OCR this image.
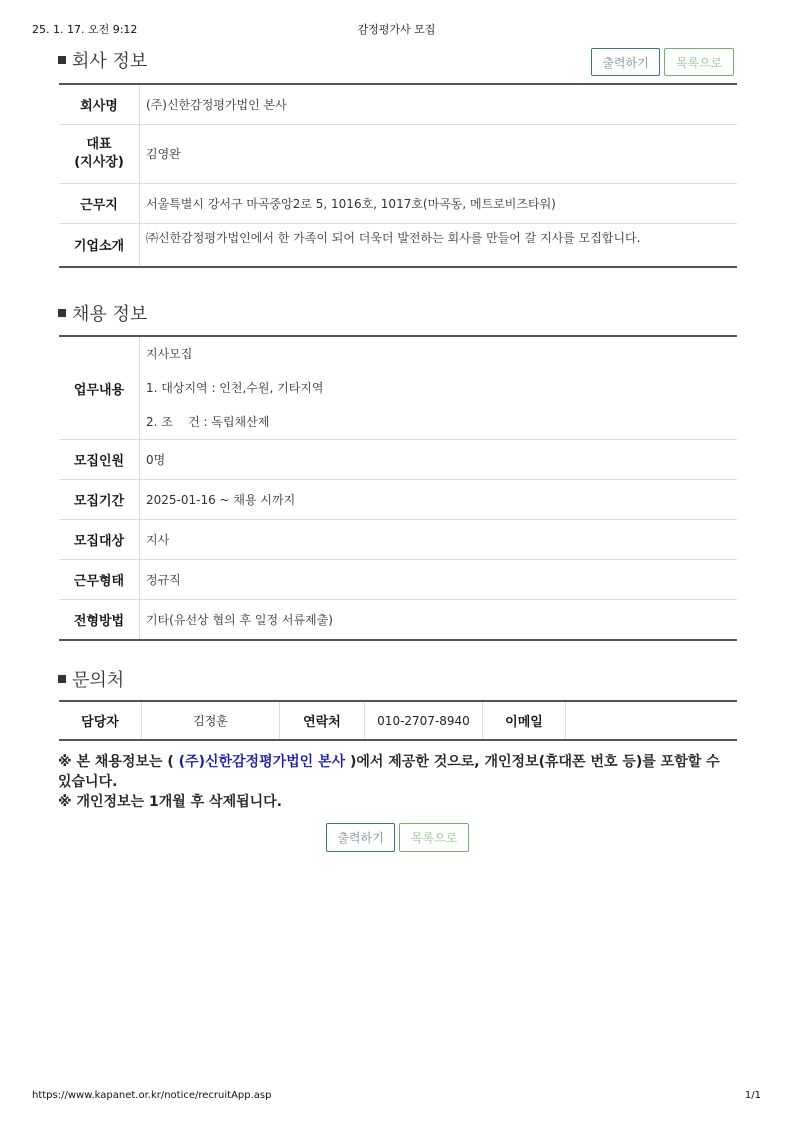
25. 1. 17. 오전 9:12	감정평가사 모집
회사 정보	출력하기	목록으로
회사명	(주)신한감정평가법인 본사
대표
(지사장)	김영완
근무지	서울특별시 강서구 마곡중앙2로 5, 1016호, 1017호(마곡동, 메트로비즈타워)
기업소개	㈜신한감정평가법인에서 한 가족이 되어 더욱더 발전하는 회사를 만들어 갈 지사를 모집합니다.
채용 정보
업무내용	지사모집
1. 대상지역 : 인천,수원, 기타지역
2. 조    건 : 독립채산제

모집인원	0명
모집기간	2025-01-16 ~ 채용 시까지
모집대상	지사
근무형태	정규직
전형방법	기타(유선상 협의 후 일정 서류제출)
문의처
담당자	김정훈	연락처	010-2707-8940	이메일	
※ 본 채용정보는 ( (주)신한감정평가법인 본사 )에서 제공한 것으로, 개인정보(휴대폰 번호 등)를 포함할 수 있습니다.
※ 개인정보는 1개월 후 삭제됩니다.
출력하기	목록으로
https://www.kapanet.or.kr/notice/recruitApp.asp	1/1
